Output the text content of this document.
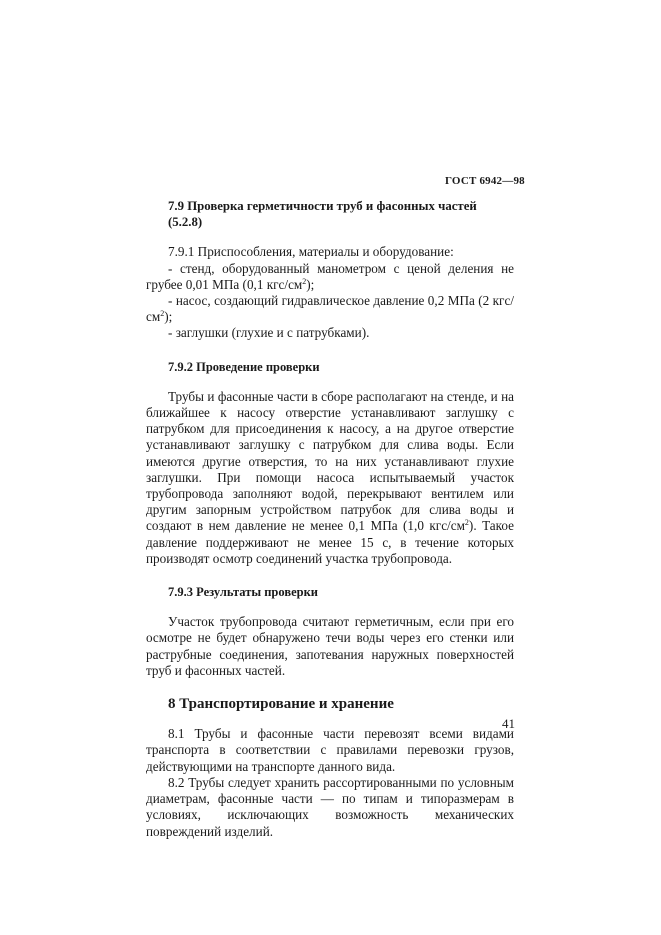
ГОСТ 6942—98
7.9 Проверка герметичности труб и фасонных частей (5.2.8)

7.9.1 Приспособления, материалы и оборудование:

- стенд, оборудованный манометром с ценой деления не грубее 0,01 МПа (0,1 кгс/$см^2$);

- насос, создающий гидравлическое давление 0,2 МПа (2 кгс/$см^2$);

- заглушки (глухие и с патрубками).

7.9.2 Проведение проверки

Трубы и фасонные части в сборе располагают на стенде, и на ближайшее к насосу отверстие устанавливают заглушку с патрубком для присоединения к насосу, а на другое отверстие устанавливают заглушку с патрубком для слива воды. Если имеются другие отверстия, то на них устанавливают глухие заглушки. При помощи насоса испытываемый участок трубопровода заполняют водой, перекрывают вентилем или другим запорным устройством патрубок для слива воды и создают в нем давление не менее 0,1 МПа (1,0 кгс/$см^2$). Такое давление поддерживают не менее 15 с, в течение которых производят осмотр соединений участка трубопровода.

7.9.3 Результаты проверки

Участок трубопровода считают герметичным, если при его осмотре не будет обнаружено течи воды через его стенки или раструбные соединения, запотевания наружных поверхностей труб и фасонных частей.

8 Транспортирование и хранение

8.1 Трубы и фасонные части перевозят всеми видами транспорта в соответствии с правилами перевозки грузов, действующими на транспорте данного вида.

8.2 Трубы следует хранить рассортированными по условным диаметрам, фасонные части — по типам и типоразмерам в условиях, исключающих возможность механических повреждений изделий.

41
